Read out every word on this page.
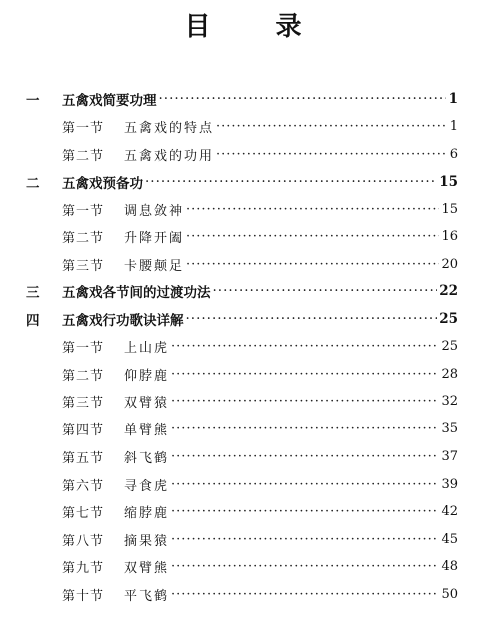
目 录
一	五禽戏简要功理 ·····	1
第一节	五禽戏的特点 ·····	1
第二节	五禽戏的功用 ·····	6
二	五禽戏预备功 ·····	15
第一节	调息敛神 ·····	15
第二节	升降开阖 ·····	16
第三节	卡腰颠足 ·····	20
三	五禽戏各节间的过渡功法 ·····	22
四	五禽戏行功歌诀详解 ·····	25
第一节	上山虎 ·····	25
第二节	仰脖鹿 ·····	28
第三节	双臂猿 ·····	32
第四节	单臂熊 ·····	35
第五节	斜飞鹤 ·····	37
第六节	寻食虎 ·····	39
第七节	缩脖鹿 ·····	42
第八节	摘果猿 ·····	45
第九节	双臂熊 ·····	48
第十节	平飞鹤 ·····	50
